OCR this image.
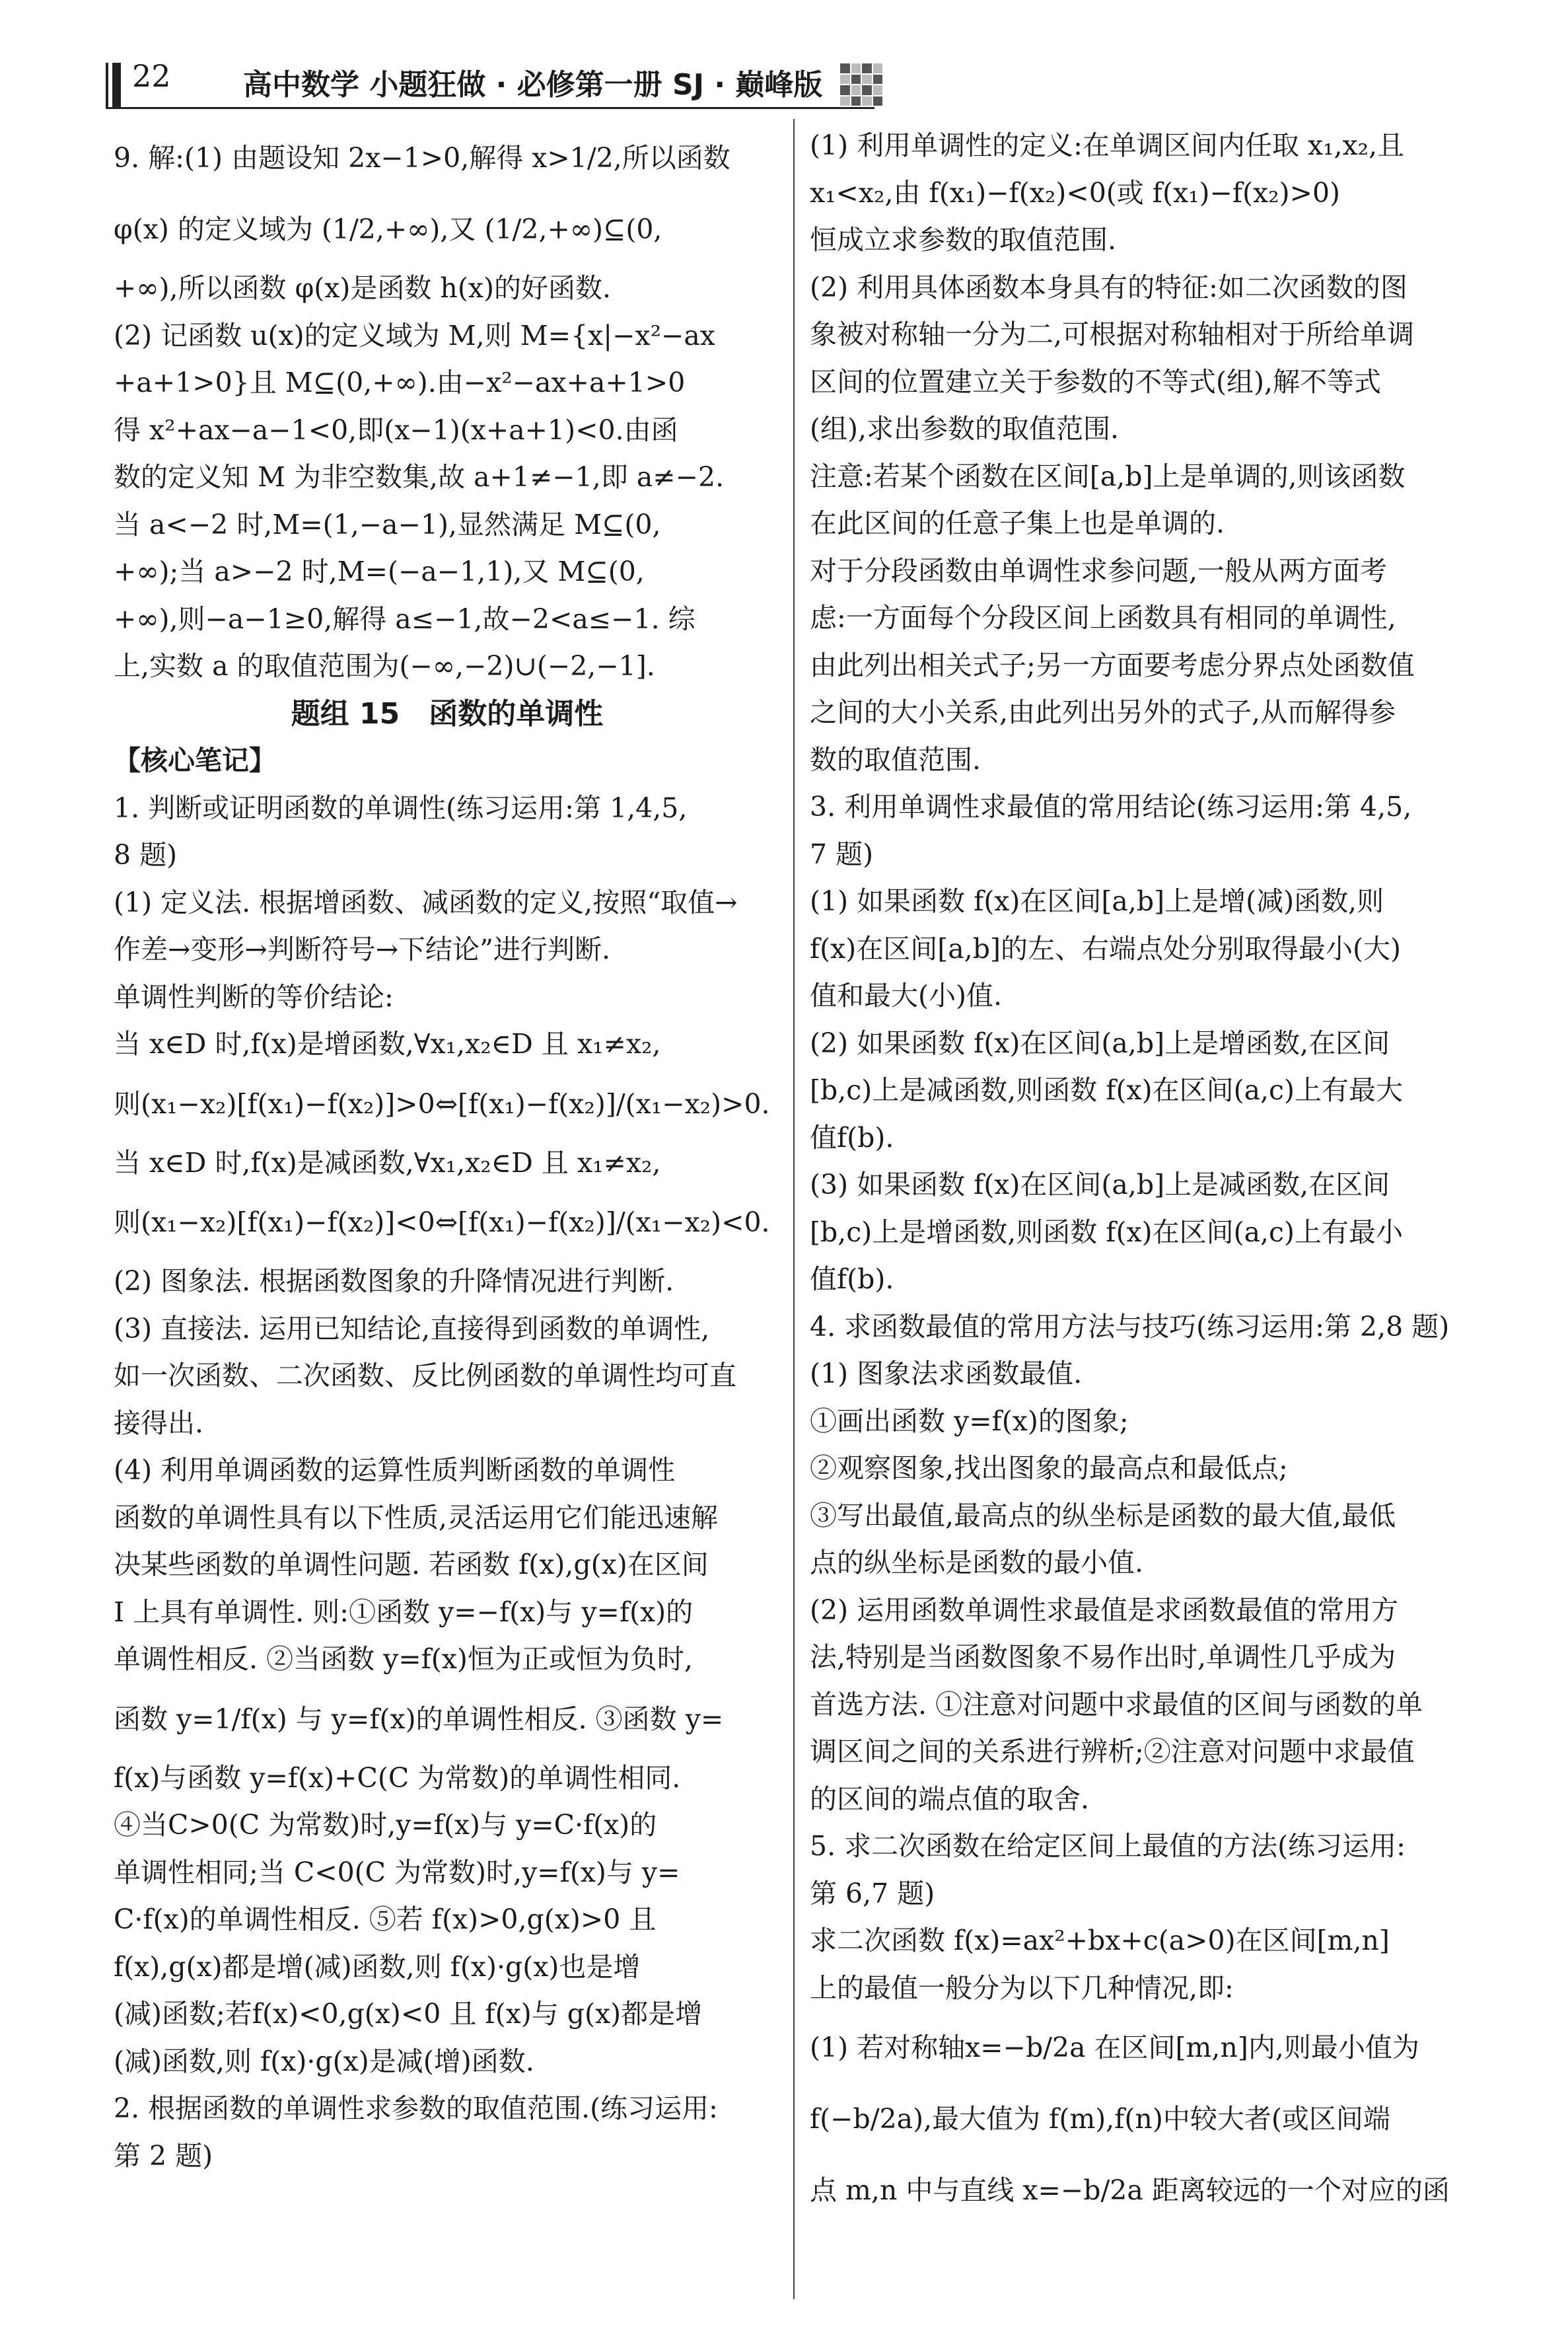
22 高中数学 小题狂做 · 必修第一册 SJ · 巅峰版
9. 解:(1) 由题设知 2x−1>0,解得 x>1/2,所以函数
φ(x) 的定义域为 (1/2,+∞),又 (1/2,+∞)⊆(0,
+∞),所以函数 φ(x)是函数 h(x)的好函数.
(2) 记函数 u(x)的定义域为 M,则 M={x|−x²−ax
+a+1>0}且 M⊆(0,+∞).由−x²−ax+a+1>0
得 x²+ax−a−1<0,即(x−1)(x+a+1)<0.由函
数的定义知 M 为非空数集,故 a+1≠−1,即 a≠−2.
当 a<−2 时,M=(1,−a−1),显然满足 M⊆(0,
+∞);当 a>−2 时,M=(−a−1,1),又 M⊆(0,
+∞),则−a−1≥0,解得 a≤−1,故−2<a≤−1. 综
上,实数 a 的取值范围为(−∞,−2)∪(−2,−1].
题组 15　函数的单调性
【核心笔记】
1. 判断或证明函数的单调性(练习运用:第 1,4,5,
8 题)
(1) 定义法. 根据增函数、减函数的定义,按照“取值→
作差→变形→判断符号→下结论”进行判断.
单调性判断的等价结论:
当 x∈D 时,f(x)是增函数,∀x₁,x₂∈D 且 x₁≠x₂,
则(x₁−x₂)[f(x₁)−f(x₂)]>0⇔[f(x₁)−f(x₂)]/(x₁−x₂)>0.
当 x∈D 时,f(x)是减函数,∀x₁,x₂∈D 且 x₁≠x₂,
则(x₁−x₂)[f(x₁)−f(x₂)]<0⇔[f(x₁)−f(x₂)]/(x₁−x₂)<0.
(2) 图象法. 根据函数图象的升降情况进行判断.
(3) 直接法. 运用已知结论,直接得到函数的单调性,
如一次函数、二次函数、反比例函数的单调性均可直
接得出.
(4) 利用单调函数的运算性质判断函数的单调性
函数的单调性具有以下性质,灵活运用它们能迅速解
决某些函数的单调性问题. 若函数 f(x),g(x)在区间
I 上具有单调性. 则:①函数 y=−f(x)与 y=f(x)的
单调性相反. ②当函数 y=f(x)恒为正或恒为负时,
函数 y=1/f(x) 与 y=f(x)的单调性相反. ③函数 y=
f(x)与函数 y=f(x)+C(C 为常数)的单调性相同.
④当C>0(C 为常数)时,y=f(x)与 y=C·f(x)的
单调性相同;当 C<0(C 为常数)时,y=f(x)与 y=
C·f(x)的单调性相反. ⑤若 f(x)>0,g(x)>0 且
f(x),g(x)都是增(减)函数,则 f(x)·g(x)也是增
(减)函数;若f(x)<0,g(x)<0 且 f(x)与 g(x)都是增
(减)函数,则 f(x)·g(x)是减(增)函数.
2. 根据函数的单调性求参数的取值范围.(练习运用:
第 2 题)
(1) 利用单调性的定义:在单调区间内任取 x₁,x₂,且
x₁<x₂,由 f(x₁)−f(x₂)<0(或 f(x₁)−f(x₂)>0)
恒成立求参数的取值范围.
(2) 利用具体函数本身具有的特征:如二次函数的图
象被对称轴一分为二,可根据对称轴相对于所给单调
区间的位置建立关于参数的不等式(组),解不等式
(组),求出参数的取值范围.
注意:若某个函数在区间[a,b]上是单调的,则该函数
在此区间的任意子集上也是单调的.
对于分段函数由单调性求参问题,一般从两方面考
虑:一方面每个分段区间上函数具有相同的单调性,
由此列出相关式子;另一方面要考虑分界点处函数值
之间的大小关系,由此列出另外的式子,从而解得参
数的取值范围.
3. 利用单调性求最值的常用结论(练习运用:第 4,5,
7 题)
(1) 如果函数 f(x)在区间[a,b]上是增(减)函数,则
f(x)在区间[a,b]的左、右端点处分别取得最小(大)
值和最大(小)值.
(2) 如果函数 f(x)在区间(a,b]上是增函数,在区间
[b,c)上是减函数,则函数 f(x)在区间(a,c)上有最大
值f(b).
(3) 如果函数 f(x)在区间(a,b]上是减函数,在区间
[b,c)上是增函数,则函数 f(x)在区间(a,c)上有最小
值f(b).
4. 求函数最值的常用方法与技巧(练习运用:第 2,8 题)
(1) 图象法求函数最值.
①画出函数 y=f(x)的图象;
②观察图象,找出图象的最高点和最低点;
③写出最值,最高点的纵坐标是函数的最大值,最低
点的纵坐标是函数的最小值.
(2) 运用函数单调性求最值是求函数最值的常用方
法,特别是当函数图象不易作出时,单调性几乎成为
首选方法. ①注意对问题中求最值的区间与函数的单
调区间之间的关系进行辨析;②注意对问题中求最值
的区间的端点值的取舍.
5. 求二次函数在给定区间上最值的方法(练习运用:
第 6,7 题)
求二次函数 f(x)=ax²+bx+c(a>0)在区间[m,n]
上的最值一般分为以下几种情况,即:
(1) 若对称轴x=−b/2a 在区间[m,n]内,则最小值为
f(−b/2a),最大值为 f(m),f(n)中较大者(或区间端
点 m,n 中与直线 x=−b/2a 距离较远的一个对应的函
